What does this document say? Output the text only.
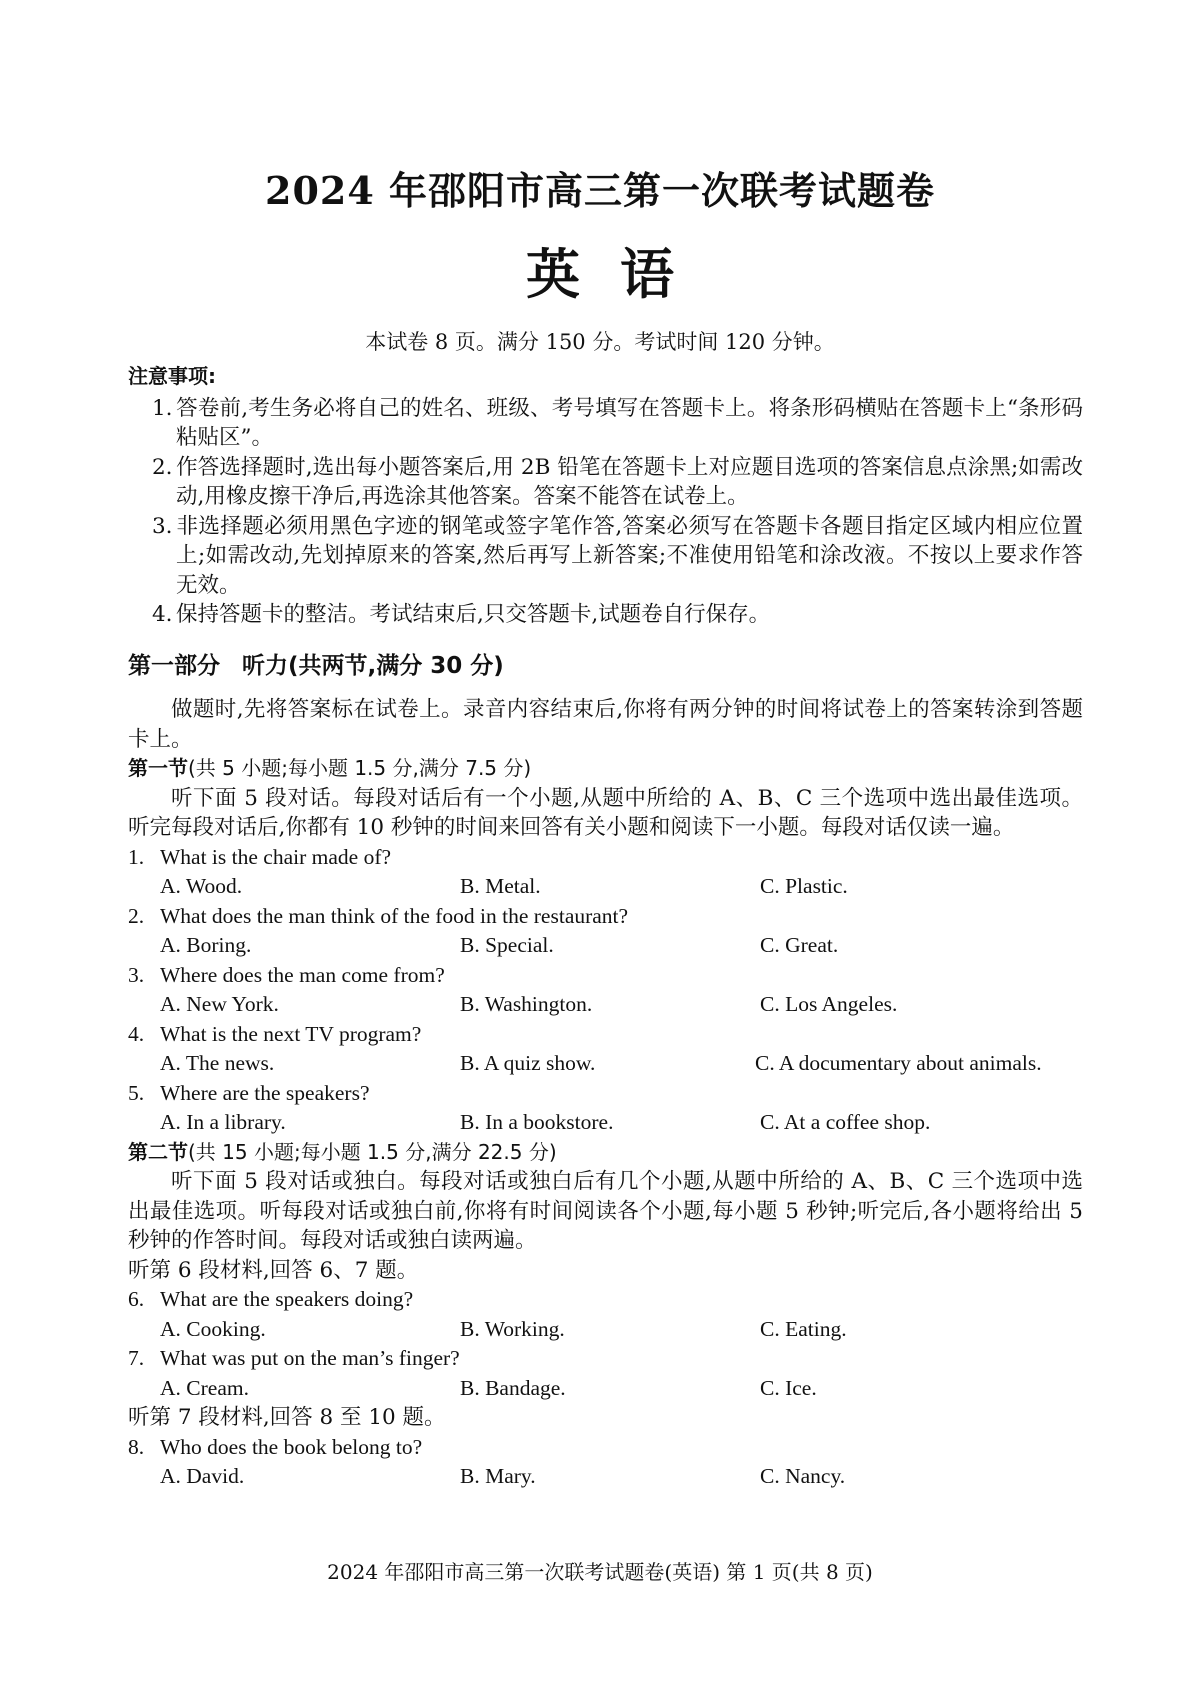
2024 年邵阳市高三第一次联考试题卷
英语
本试卷 8 页。满分 150 分。考试时间 120 分钟。
注意事项:
1. 答卷前,考生务必将自己的姓名、班级、考号填写在答题卡上。将条形码横贴在答题卡上“条形码粘贴区”。
2. 作答选择题时,选出每小题答案后,用 2B 铅笔在答题卡上对应题目选项的答案信息点涂黑;如需改动,用橡皮擦干净后,再选涂其他答案。答案不能答在试卷上。
3. 非选择题必须用黑色字迹的钢笔或签字笔作答,答案必须写在答题卡各题目指定区域内相应位置上;如需改动,先划掉原来的答案,然后再写上新答案;不准使用铅笔和涂改液。不按以上要求作答无效。
4. 保持答题卡的整洁。考试结束后,只交答题卡,试题卷自行保存。
第一部分 听力(共两节,满分 30 分)
做题时,先将答案标在试卷上。录音内容结束后,你将有两分钟的时间将试卷上的答案转涂到答题卡上。
第一节(共 5 小题;每小题 1.5 分,满分 7.5 分)
听下面 5 段对话。每段对话后有一个小题,从题中所给的 A、B、C 三个选项中选出最佳选项。听完每段对话后,你都有 10 秒钟的时间来回答有关小题和阅读下一小题。每段对话仅读一遍。
1. What is the chair made of?
A. Wood.	B. Metal.	C. Plastic.
2. What does the man think of the food in the restaurant?
A. Boring.	B. Special.	C. Great.
3. Where does the man come from?
A. New York.	B. Washington.	C. Los Angeles.
4. What is the next TV program?
A. The news.	B. A quiz show.	C. A documentary about animals.
5. Where are the speakers?
A. In a library.	B. In a bookstore.	C. At a coffee shop.
第二节(共 15 小题;每小题 1.5 分,满分 22.5 分)
听下面 5 段对话或独白。每段对话或独白后有几个小题,从题中所给的 A、B、C 三个选项中选出最佳选项。听每段对话或独白前,你将有时间阅读各个小题,每小题 5 秒钟;听完后,各小题将给出 5 秒钟的作答时间。每段对话或独白读两遍。
听第 6 段材料,回答 6、7 题。
6. What are the speakers doing?
A. Cooking.	B. Working.	C. Eating.
7. What was put on the man’s finger?
A. Cream.	B. Bandage.	C. Ice.
听第 7 段材料,回答 8 至 10 题。
8. Who does the book belong to?
A. David.	B. Mary.	C. Nancy.
2024 年邵阳市高三第一次联考试题卷(英语) 第 1 页(共 8 页)
